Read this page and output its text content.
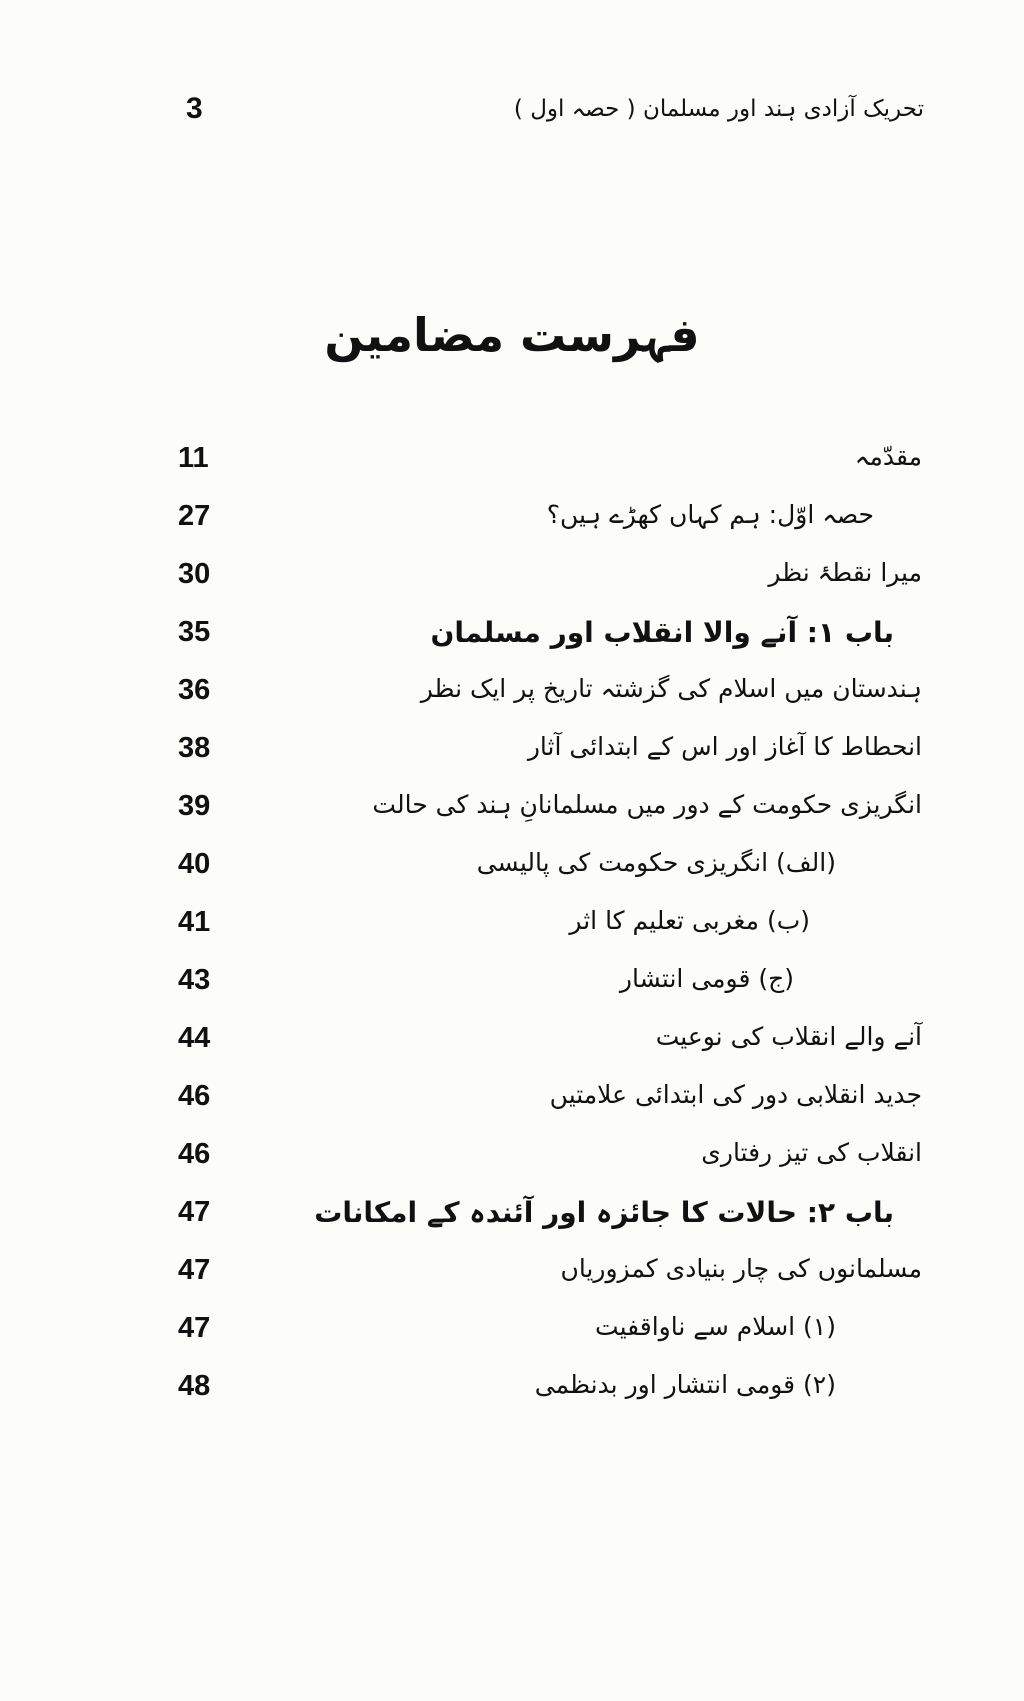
3	تحریک آزادی ہند اور مسلمان ( حصہ اول )
فہرست مضامین
11	مقدّمہ
27	حصہ اوّل: ہم کہاں کھڑے ہیں؟
30	میرا نقطۂ نظر
35	باب ۱: آنے والا انقلاب اور مسلمان
36	ہندستان میں اسلام کی گزشتہ تاریخ پر ایک نظر
38	انحطاط کا آغاز اور اس کے ابتدائی آثار
39	انگریزی حکومت کے دور میں مسلمانانِ ہند کی حالت
40	(الف) انگریزی حکومت کی پالیسی
41	(ب) مغربی تعلیم کا اثر
43	(ج) قومی انتشار
44	آنے والے انقلاب کی نوعیت
46	جدید انقلابی دور کی ابتدائی علامتیں
46	انقلاب کی تیز رفتاری
47	باب ۲: حالات کا جائزہ اور آئندہ کے امکانات
47	مسلمانوں کی چار بنیادی کمزوریاں
47	(۱) اسلام سے ناواقفیت
48	(۲) قومی انتشار اور بدنظمی
